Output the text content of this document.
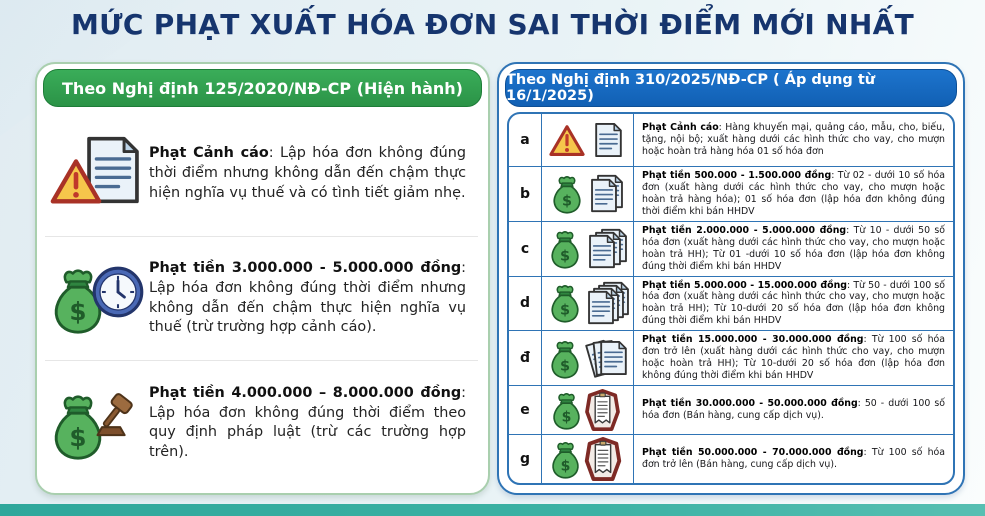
MỨC PHẠT XUẤT HÓA ĐƠN SAI THỜI ĐIỂM MỚI NHẤT
Theo Nghị định 125/2020/NĐ-CP (Hiện hành)

Phạt Cảnh cáo: Lập hóa đơn không đúng thời điểm nhưng không dẫn đến chậm thực hiện nghĩa vụ thuế và có tình tiết giảm nhẹ.

Phạt tiền 3.000.000 - 5.000.000 đồng: Lập hóa đơn không đúng thời điểm nhưng không dẫn đến chậm thực hiện nghĩa vụ thuế (trừ trường hợp cảnh cáo).

Phạt tiền 4.000.000 – 8.000.000 đồng: Lập hóa đơn không đúng thời điểm theo quy định pháp luật (trừ các trường hợp trên).

Theo Nghị định 310/2025/NĐ-CP ( Áp dụng từ 16/1/2025)
a

Phạt Cảnh cáo: Hàng khuyến mại, quảng cáo, mẫu, cho, biếu, tặng, nội bộ; xuất hàng dưới các hình thức cho vay, cho mượn hoặc hoàn trả hàng hóa 01 số hóa đơn

b

Phạt tiền 500.000 - 1.500.000 đồng: Từ 02 - dưới 10 số hóa đơn (xuất hàng dưới các hình thức cho vay, cho mượn hoặc hoàn trả hàng hóa); 01 số hóa đơn (lập hóa đơn không đúng thời điểm khi bán HHDV

c

Phạt tiền 2.000.000 - 5.000.000 đồng: Từ 10 - dưới 50 số hóa đơn (xuất hàng dưới các hình thức cho vay, cho mượn hoặc hoàn trả HH); Từ 01 -dưới 10 số hóa đơn (lập hóa đơn không đúng thời điểm khi bán HHDV

d

Phạt tiền 5.000.000 - 15.000.000 đồng: Từ 50 - dưới 100 số hóa đơn (xuất hàng dưới các hình thức cho vay, cho mượn hoặc hoàn trả HH); Từ 10-dưới 20 số hóa đơn (lập hóa đơn không đúng thời điểm khi bán HHDV

đ

Phạt tiền 15.000.000 - 30.000.000 đồng: Từ 100 số hóa đơn trở lên (xuất hàng dưới các hình thức cho vay, cho mượn hoặc hoàn trả HH); Từ 10-dưới 20 số hóa đơn (lập hóa đơn không đúng thời điểm khi bán HHDV

e	Phạt tiền 30.000.000 - 50.000.000 đồng: 50 - dưới 100 số hóa đơn (Bán hàng, cung cấp dịch vụ).

g	Phạt tiền 50.000.000 - 70.000.000 đồng: Từ 100 số hóa đơn trở lên (Bán hàng, cung cấp dịch vụ).
